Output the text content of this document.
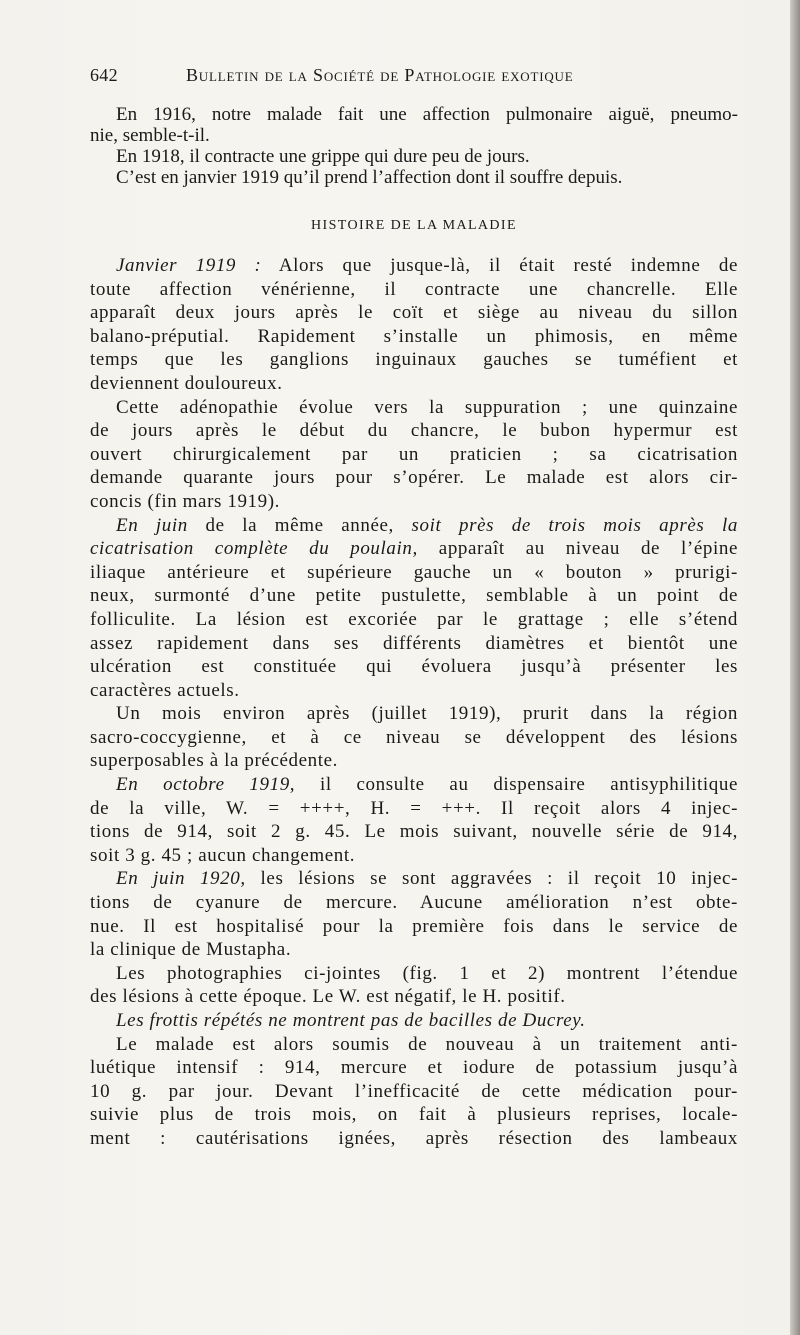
642	Bulletin de la Société de Pathologie exotique
En 1916, notre malade fait une affection pulmonaire aiguë, pneumo-
nie, semble-t-il.
En 1918, il contracte une grippe qui dure peu de jours.
C’est en janvier 1919 qu’il prend l’affection dont il souffre depuis.
HISTOIRE DE LA MALADIE
Janvier 1919 : Alors que jusque-là, il était resté indemne de
toute affection vénérienne, il contracte une chancrelle. Elle
apparaît deux jours après le coït et siège au niveau du sillon
balano-préputial. Rapidement s’installe un phimosis, en même
temps que les ganglions inguinaux gauches se tuméfient et
deviennent douloureux.
Cette adénopathie évolue vers la suppuration ; une quinzaine
de jours après le début du chancre, le bubon hypermur est
ouvert chirurgicalement par un praticien ; sa cicatrisation
demande quarante jours pour s’opérer. Le malade est alors cir-
concis (fin mars 1919).
En juin de la même année, soit près de trois mois après la
cicatrisation complète du poulain, apparaît au niveau de l’épine
iliaque antérieure et supérieure gauche un « bouton » prurigi-
neux, surmonté d’une petite pustulette, semblable à un point de
folliculite. La lésion est excoriée par le grattage ; elle s’étend
assez rapidement dans ses différents diamètres et bientôt une
ulcération est constituée qui évoluera jusqu’à présenter les
caractères actuels.
Un mois environ après (juillet 1919), prurit dans la région
sacro-coccygienne, et à ce niveau se développent des lésions
superposables à la précédente.
En octobre 1919, il consulte au dispensaire antisyphilitique
de la ville, W. = ++++, H. = +++. Il reçoit alors 4 injec-
tions de 914, soit 2 g. 45. Le mois suivant, nouvelle série de 914,
soit 3 g. 45 ; aucun changement.
En juin 1920, les lésions se sont aggravées : il reçoit 10 injec-
tions de cyanure de mercure. Aucune amélioration n’est obte-
nue. Il est hospitalisé pour la première fois dans le service de
la clinique de Mustapha.
Les photographies ci-jointes (fig. 1 et 2) montrent l’étendue
des lésions à cette époque. Le W. est négatif, le H. positif.
Les frottis répétés ne montrent pas de bacilles de Ducrey.
Le malade est alors soumis de nouveau à un traitement anti-
luétique intensif : 914, mercure et iodure de potassium jusqu’à
10 g. par jour. Devant l’inefficacité de cette médication pour-
suivie plus de trois mois, on fait à plusieurs reprises, locale-
ment : cautérisations ignées, après résection des lambeaux
